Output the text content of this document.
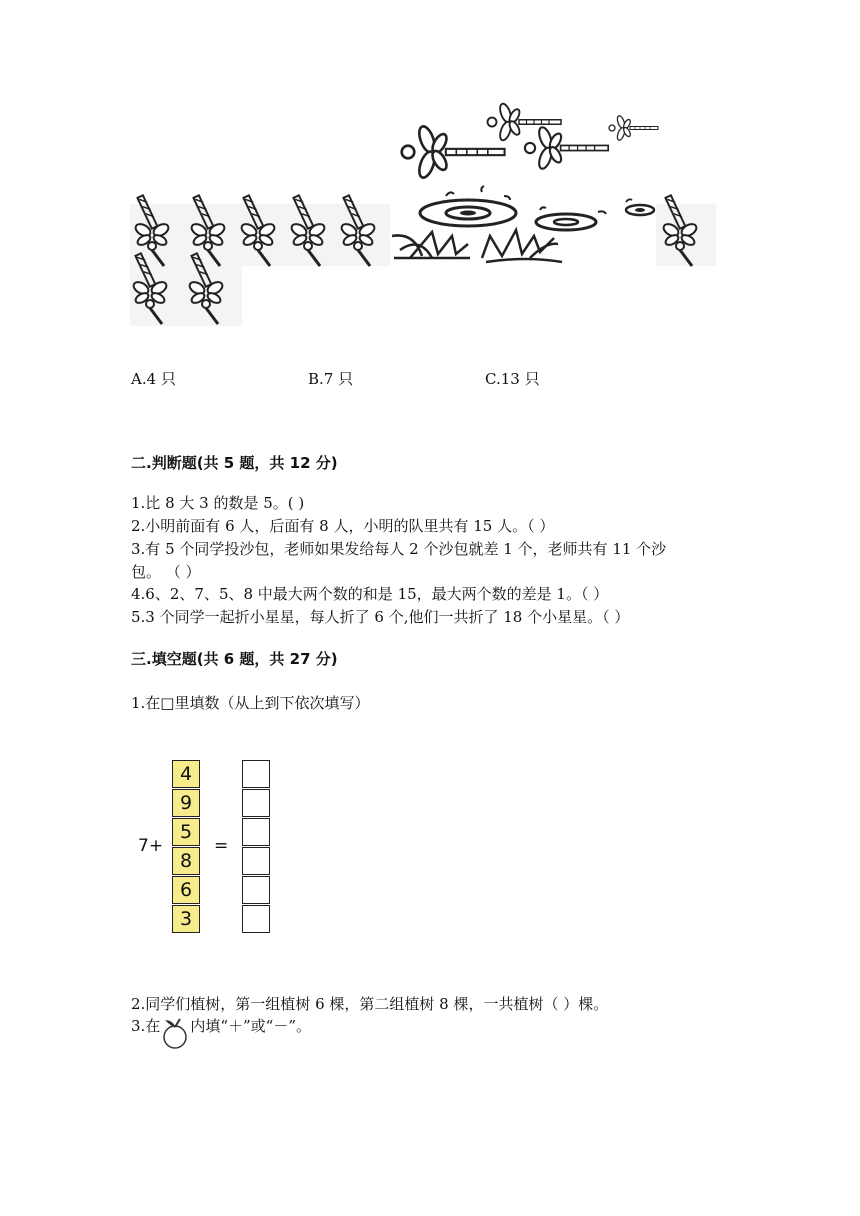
A.4 只	B.7 只	C.13 只
二.判断题(共 5 题，共 12 分)
1.比 8 大 3 的数是 5。( )
2.小明前面有 6 人，后面有 8 人，小明的队里共有 15 人。（ ）
3.有 5 个同学投沙包，老师如果发给每人 2 个沙包就差 1 个，老师共有 11 个沙
包。 （ ）
4.6、2、7、5、8 中最大两个数的和是 15，最大两个数的差是 1。（ ）
5.3 个同学一起折小星星，每人折了 6 个,他们一共折了 18 个小星星。（ ）
三.填空题(共 6 题，共 27 分)
1.在□里填数（从上到下依次填写）
7+
4
9
5
8
6
3
=
2.同学们植树，第一组植树 6 棵，第二组植树 8 棵，一共植树（ ）棵。
3.在 内填“＋”或“－”。
